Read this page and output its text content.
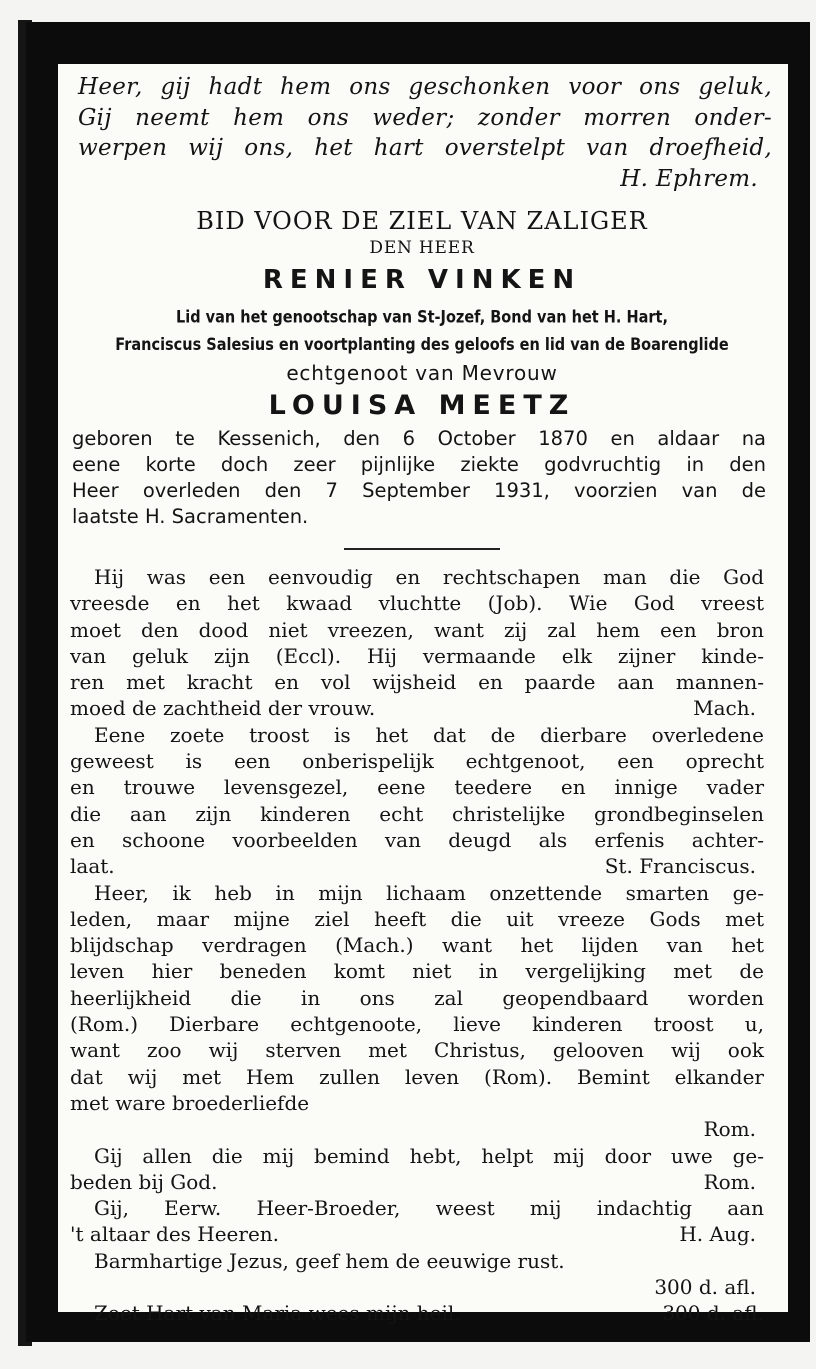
Heer, gij hadt hem ons geschonken voor ons geluk,
Gij neemt hem ons weder; zonder morren onder-
werpen wij ons, het hart overstelpt van droefheid,
H. Ephrem.
BID VOOR DE ZIEL VAN ZALIGER
DEN HEER
RENIER VINKEN
Lid van het genootschap van St-Jozef, Bond van het H. Hart,
Franciscus Salesius en voortplanting des geloofs en lid van de Boarenglide
echtgenoot van Mevrouw
LOUISA MEETZ
geboren te Kessenich, den 6 October 1870 en aldaar na
eene korte doch zeer pijnlijke ziekte godvruchtig in den
Heer overleden den 7 September 1931, voorzien van de
laatste H. Sacramenten.
Hij was een eenvoudig en rechtschapen man die God
vreesde en het kwaad vluchtte (Job). Wie God vreest
moet den dood niet vreezen, want zij zal hem een bron
van geluk zijn (Eccl). Hij vermaande elk zijner kinde-
ren met kracht en vol wijsheid en paarde aan mannen-
moed de zachtheid der vrouw.	Mach.
Eene zoete troost is het dat de dierbare overledene
geweest is een onberispelijk echtgenoot, een oprecht
en trouwe levensgezel, eene teedere en innige vader
die aan zijn kinderen echt christelijke grondbeginselen
en schoone voorbeelden van deugd als erfenis achter-
laat.	St. Franciscus.
Heer, ik heb in mijn lichaam onzettende smarten ge-
leden, maar mijne ziel heeft die uit vreeze Gods met
blijdschap verdragen (Mach.) want het lijden van het
leven hier beneden komt niet in vergelijking met de
heerlijkheid die in ons zal geopendbaard worden
(Rom.) Dierbare echtgenoote, lieve kinderen troost u,
want zoo wij sterven met Christus, gelooven wij ook
dat wij met Hem zullen leven (Rom). Bemint elkander
met ware broederliefde
Rom.
Gij allen die mij bemind hebt, helpt mij door uwe ge-
beden bij God.	Rom.
Gij, Eerw. Heer-Broeder, weest mij indachtig aan
't altaar des Heeren.	H. Aug.
Barmhartige Jezus, geef hem de eeuwige rust.
300 d. afl.
Zoet Hart van Maria wees mijn heil.	300 d. afl.
